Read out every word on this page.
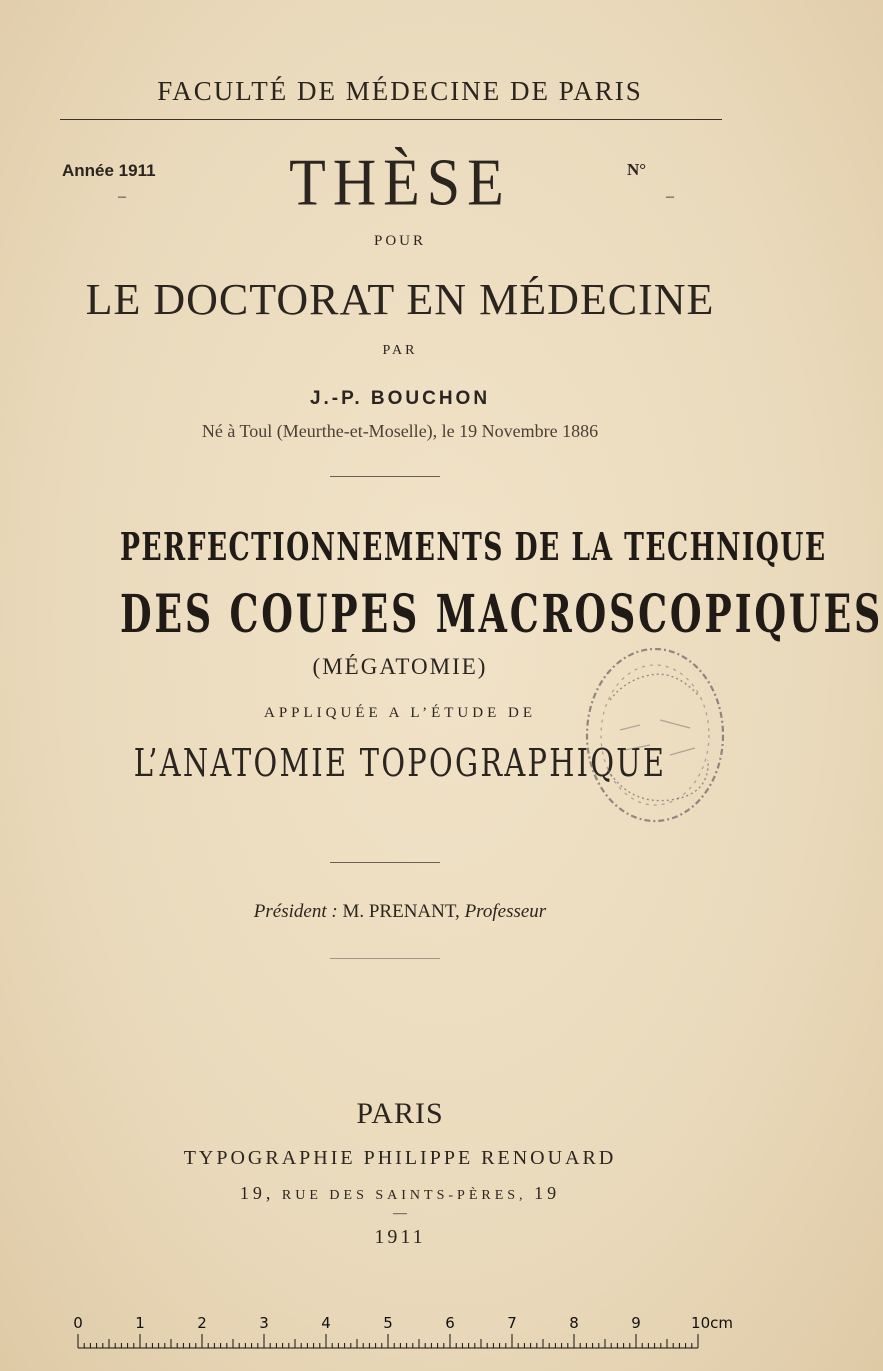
FACULTÉ DE MÉDECINE DE PARIS
Année 1911
–	THÈSE	N°
–
POUR
LE DOCTORAT EN MÉDECINE
PAR
J.-P. BOUCHON
Né à Toul (Meurthe-et-Moselle), le 19 Novembre 1886
PERFECTIONNEMENTS DE LA TECHNIQUE
DES COUPES MACROSCOPIQUES
(MÉGATOMIE)
APPLIQUÉE A L’ÉTUDE DE
L’ANATOMIE TOPOGRAPHIQUE
Président : M. PRENANT, Professeur
PARIS
TYPOGRAPHIE PHILIPPE RENOUARD
19, RUE DES SAINTS-PÈRES, 19
—
1911
0	1	2	3	4	5	6	7	8	9	10cm
